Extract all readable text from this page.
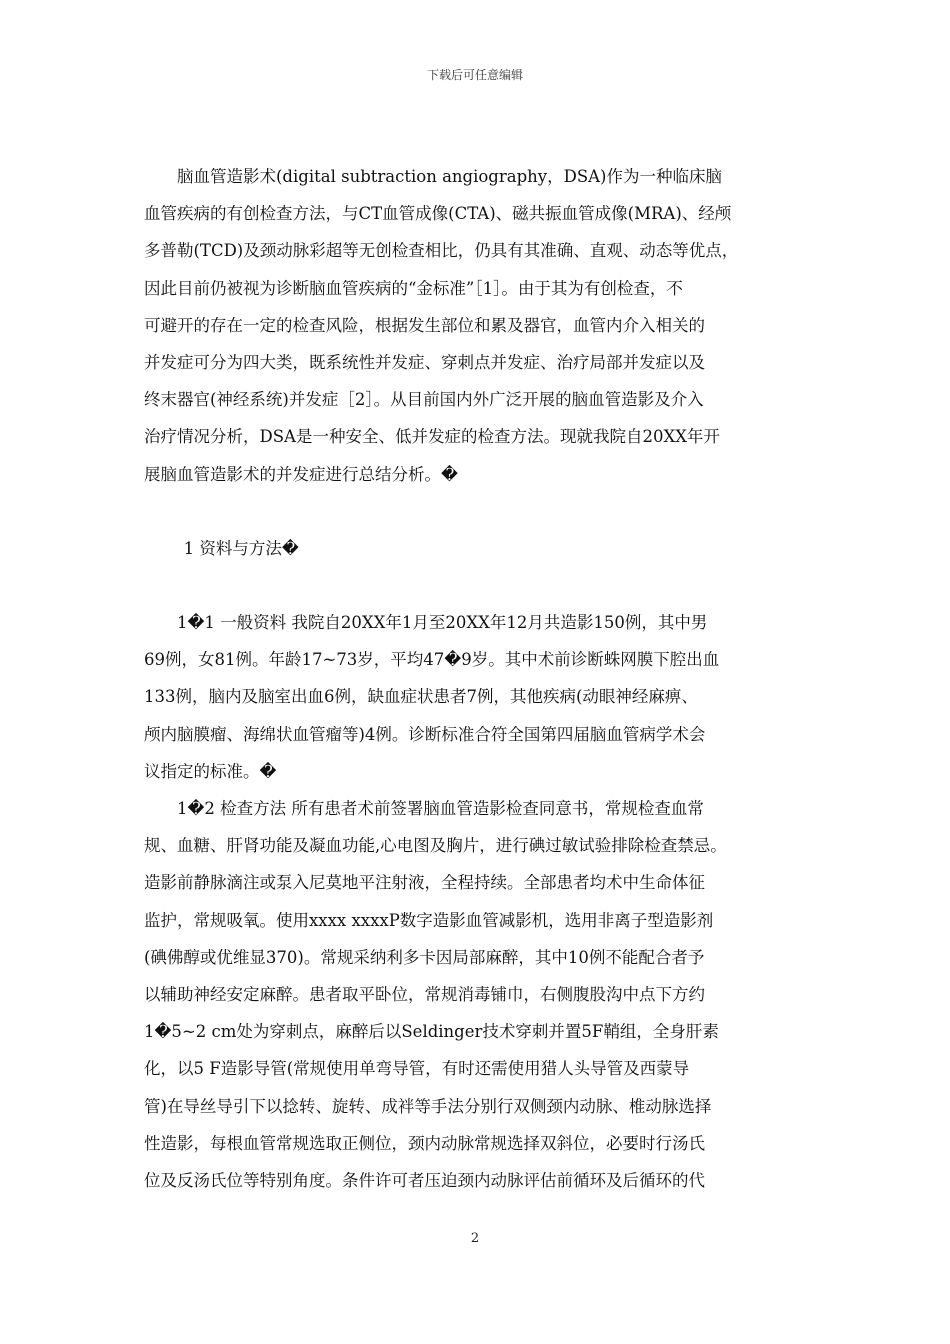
下载后可任意编辑
脑血管造影术(digital subtraction angiography，DSA)作为一种临床脑
血管疾病的有创检查方法，与CT血管成像(CTA)、磁共振血管成像(MRA)、经颅
多普勒(TCD)及颈动脉彩超等无创检查相比，仍具有其准确、直观、动态等优点，
因此目前仍被视为诊断脑血管疾病的“金标准”［1］。由于其为有创检查，不
可避开的存在一定的检查风险，根据发生部位和累及器官，血管内介入相关的
并发症可分为四大类，既系统性并发症、穿刺点并发症、治疗局部并发症以及
终末器官(神经系统)并发症［2］。从目前国内外广泛开展的脑血管造影及介入
治疗情况分析，DSA是一种安全、低并发症的检查方法。现就我院自20XX年开
展脑血管造影术的并发症进行总结分析。�
1 资料与方法�
1�1 一般资料 我院自20XX年1月至20XX年12月共造影150例，其中男
69例，女81例。年龄17~73岁，平均47�9岁。其中术前诊断蛛网膜下腔出血
133例，脑内及脑室出血6例，缺血症状患者7例，其他疾病(动眼神经麻痹、
颅内脑膜瘤、海绵状血管瘤等)4例。诊断标准合符全国第四届脑血管病学术会
议指定的标准。�
1�2 检查方法 所有患者术前签署脑血管造影检查同意书，常规检查血常
规、血糖、肝肾功能及凝血功能,心电图及胸片，进行碘过敏试验排除检查禁忌。
造影前静脉滴注或泵入尼莫地平注射液，全程持续。全部患者均术中生命体征
监护，常规吸氧。使用xxxx xxxxP数字造影血管减影机，选用非离子型造影剂
(碘佛醇或优维显370)。常规采纳利多卡因局部麻醉，其中10例不能配合者予
以辅助神经安定麻醉。患者取平卧位，常规消毒铺巾，右侧腹股沟中点下方约
1�5~2 cm处为穿刺点，麻醉后以Seldinger技术穿刺并置5F鞘组，全身肝素
化，以5 F造影导管(常规使用单弯导管，有时还需使用猎人头导管及西蒙导
管)在导丝导引下以捻转、旋转、成袢等手法分别行双侧颈内动脉、椎动脉选择
性造影，每根血管常规选取正侧位，颈内动脉常规选择双斜位，必要时行汤氏
位及反汤氏位等特别角度。条件许可者压迫颈内动脉评估前循环及后循环的代
2
